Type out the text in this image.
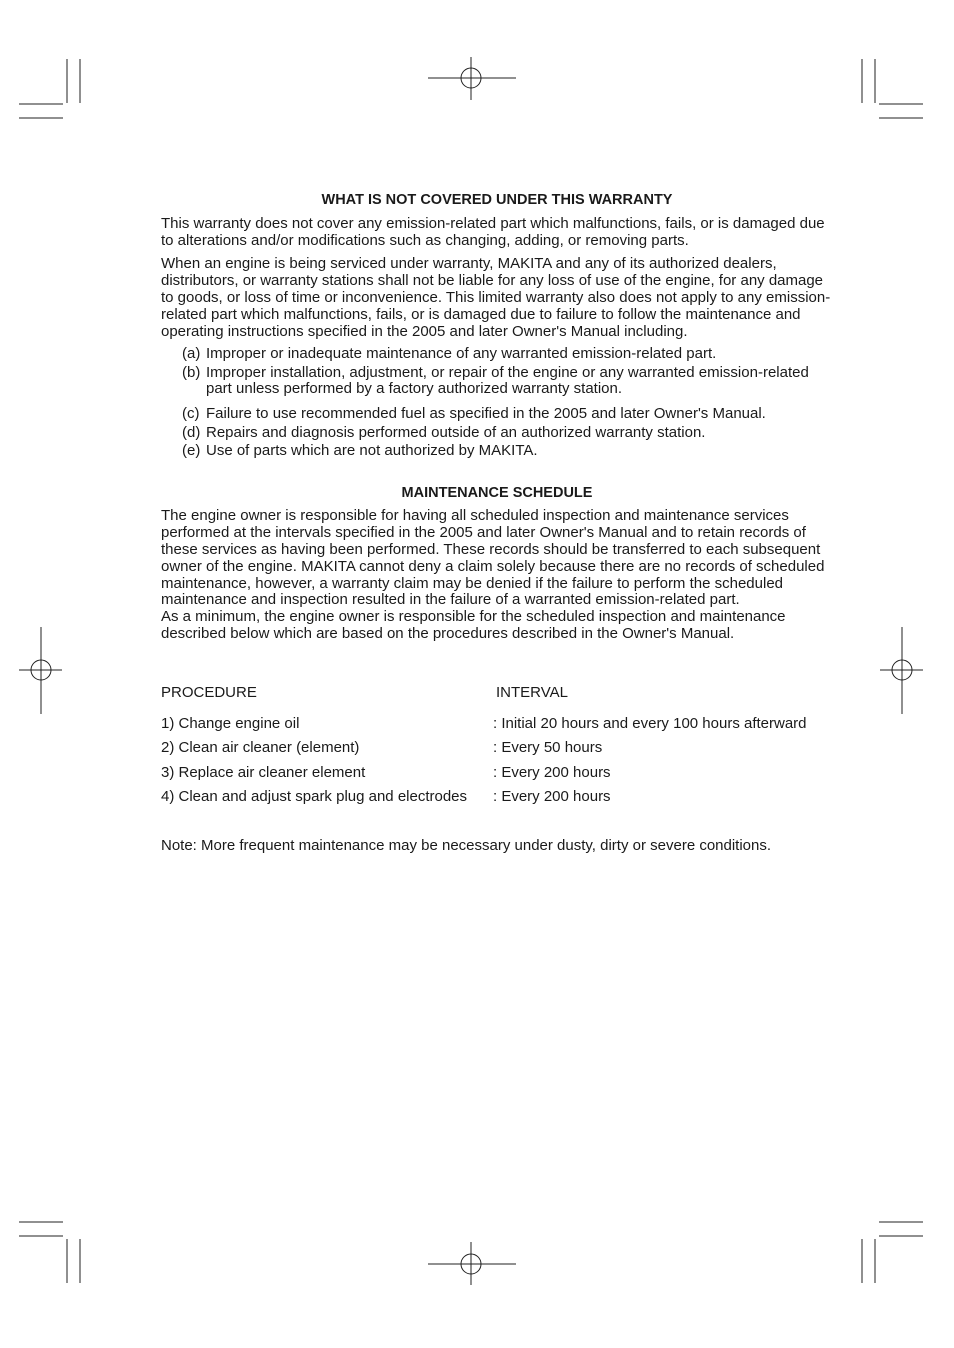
WHAT IS NOT COVERED UNDER THIS WARRANTY

This warranty does not cover any emission-related part which malfunctions, fails, or is damaged due to alterations and/or modifications such as changing, adding, or removing parts.

When an engine is being serviced under warranty, MAKITA and any of its authorized dealers, distributors, or warranty stations shall not be liable for any loss of use of the engine, for any damage to goods, or loss of time or inconvenience. This limited warranty also does not apply to any emission-related part which malfunctions, fails, or is damaged due to failure to follow the maintenance and operating instructions specified in the 2005 and later Owner's Manual including.

(a) Improper or inadequate maintenance of any warranted emission-related part.
(b) Improper installation, adjustment, or repair of the engine or any warranted emission-related part unless performed by a factory authorized warranty station.
(c) Failure to use recommended fuel as specified in the 2005 and later Owner's Manual.
(d) Repairs and diagnosis performed outside of an authorized warranty station.
(e) Use of parts which are not authorized by MAKITA.
MAINTENANCE SCHEDULE

The engine owner is responsible for having all scheduled inspection and maintenance services performed at the intervals specified in the 2005 and later Owner's Manual and to retain records of these services as having been performed. These records should be transferred to each subsequent owner of the engine. MAKITA cannot deny a claim solely because there are no records of scheduled maintenance, however, a warranty claim may be denied if the failure to perform the scheduled maintenance and inspection resulted in the failure of a warranted emission-related part.

As a minimum, the engine owner is responsible for the scheduled inspection and maintenance described below which are based on the procedures described in the Owner's Manual.

PROCEDURE	INTERVAL
1) Change engine oil	: Initial 20 hours and every 100 hours afterward
2) Clean air cleaner (element)	: Every 50 hours
3) Replace air cleaner element	: Every 200 hours
4) Clean and adjust spark plug and electrodes	: Every 200 hours

Note: More frequent maintenance may be necessary under dusty, dirty or severe conditions.
